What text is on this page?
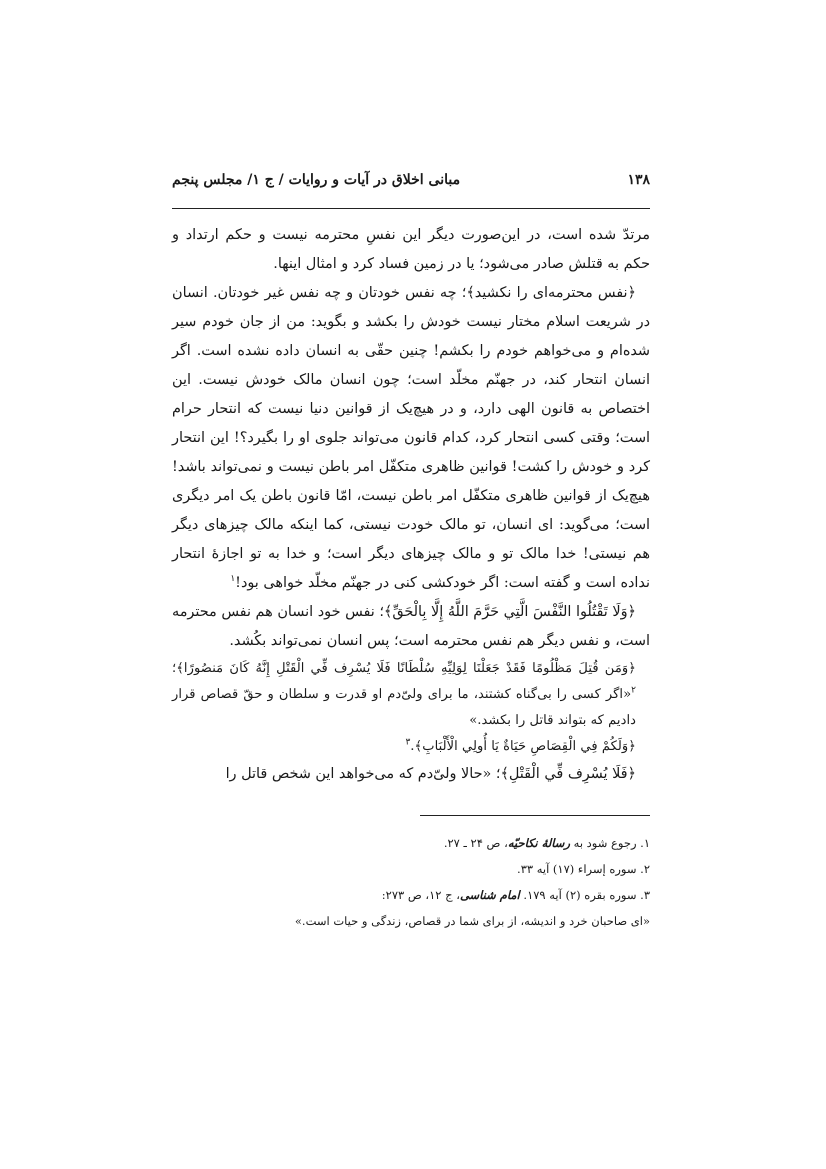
۱۳۸
مبانی اخلاق در آیات و روایات / ج ۱/ مجلس پنجم

مرتدّ شده است، در این‌صورت دیگر این نفسِ محترمه نیست و حکم ارتداد و حکم به قتلش صادر می‌شود؛ یا در زمین فساد کرد و امثال اینها.

﴿نفس محترمه‌ای را نکشید﴾؛ چه نفس خودتان و چه نفس غیر خودتان. انسان در شریعت اسلام مختار نیست خودش را بکشد و بگوید: من از جان خودم سیر شده‌ام و می‌خواهم خودم را بکشم! چنین حقّی به انسان داده نشده است. اگر انسان انتحار کند، در جهنّم مخلّد است؛ چون انسان مالک خودش نیست. این اختصاص به قانون الهی دارد، و در هیچ‌یک از قوانین دنیا نیست که انتحار حرام است؛ وقتی کسی انتحار کرد، کدام قانون می‌تواند جلوی او را بگیرد؟! این انتحار کرد و خودش را کشت! قوانین ظاهری متکفّل امر باطن نیست و نمی‌تواند باشد! هیچ‌یک از قوانین ظاهری متکفّل امر باطن نیست، امّا قانون باطن یک امر دیگری است؛ می‌گوید: ای انسان، تو مالک خودت نیستی، کما اینکه مالک چیزهای دیگر هم نیستی! خدا مالک تو و مالک چیزهای دیگر است؛ و خدا به تو اجازهٔ انتحار نداده است و گفته است: اگر خودکشی کنی در جهنّم مخلّد خواهی بود!$^۱$

﴿وَلَا تَقْتُلُوا النَّفْسَ الَّتِي حَرَّمَ اللَّهُ إِلَّا بِالْحَقِّ﴾؛ نفس خود انسان هم نفس محترمه است، و نفس دیگر هم نفس محترمه است؛ پس انسان نمی‌تواند بکُشد.

﴿وَمَن قُتِلَ مَظْلُومًا فَقَدْ جَعَلْنَا لِوَلِيِّهِ سُلْطَانًا فَلَا يُسْرِف فِّي الْقَتْلِ إِنَّهُ كَانَ مَنصُورًا﴾؛$^۲$«اگر کسی را بی‌گناه کشتند، ما برای ولیّ‌دم او قدرت و سلطان و حقّ قصاص قرار دادیم که بتواند قاتل را بکشد.»

﴿وَلَكُمْ فِي الْقِصَاصِ حَيَاةٌ يَا أُولِي الْأَلْبَابِ﴾.$^۳$

﴿فَلَا يُسْرِف فِّي الْقَتْلِ﴾؛ «حالا ولیّ‌دم که می‌خواهد این شخص قاتل را

۱. رجوع شود به رسالهٔ نکاحیّه، ص ۲۴ ـ ۲۷.

۲. سوره إسراء (۱۷) آیه ۳۳.

۳. سوره بقره (۲) آیه ۱۷۹. امام شناسی، ج ۱۲، ص ۲۷۳:

«ای صاحبان خرد و اندیشه، از برای شما در قصاص، زندگی و حیات است.»
